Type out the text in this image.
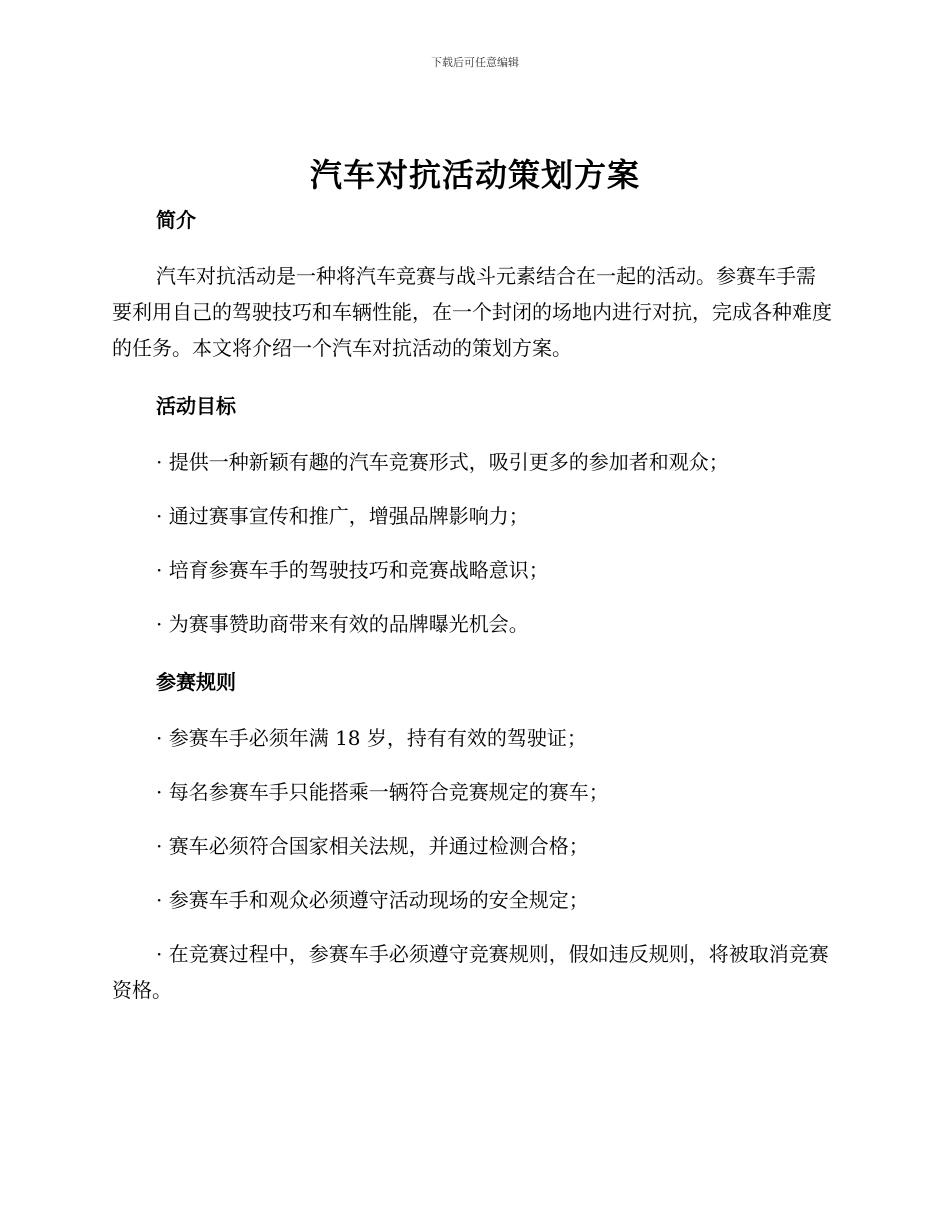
下载后可任意编辑
汽车对抗活动策划方案
简介

汽车对抗活动是一种将汽车竞赛与战斗元素结合在一起的活动。参赛车手需要利用自己的驾驶技巧和车辆性能，在一个封闭的场地内进行对抗，完成各种难度的任务。本文将介绍一个汽车对抗活动的策划方案。

活动目标

· 提供一种新颖有趣的汽车竞赛形式，吸引更多的参加者和观众；

· 通过赛事宣传和推广，增强品牌影响力；

· 培育参赛车手的驾驶技巧和竞赛战略意识；

· 为赛事赞助商带来有效的品牌曝光机会。

参赛规则

· 参赛车手必须年满 18 岁，持有有效的驾驶证；

· 每名参赛车手只能搭乘一辆符合竞赛规定的赛车；

· 赛车必须符合国家相关法规，并通过检测合格；

· 参赛车手和观众必须遵守活动现场的安全规定；

· 在竞赛过程中，参赛车手必须遵守竞赛规则，假如违反规则，将被取消竞赛资格。
